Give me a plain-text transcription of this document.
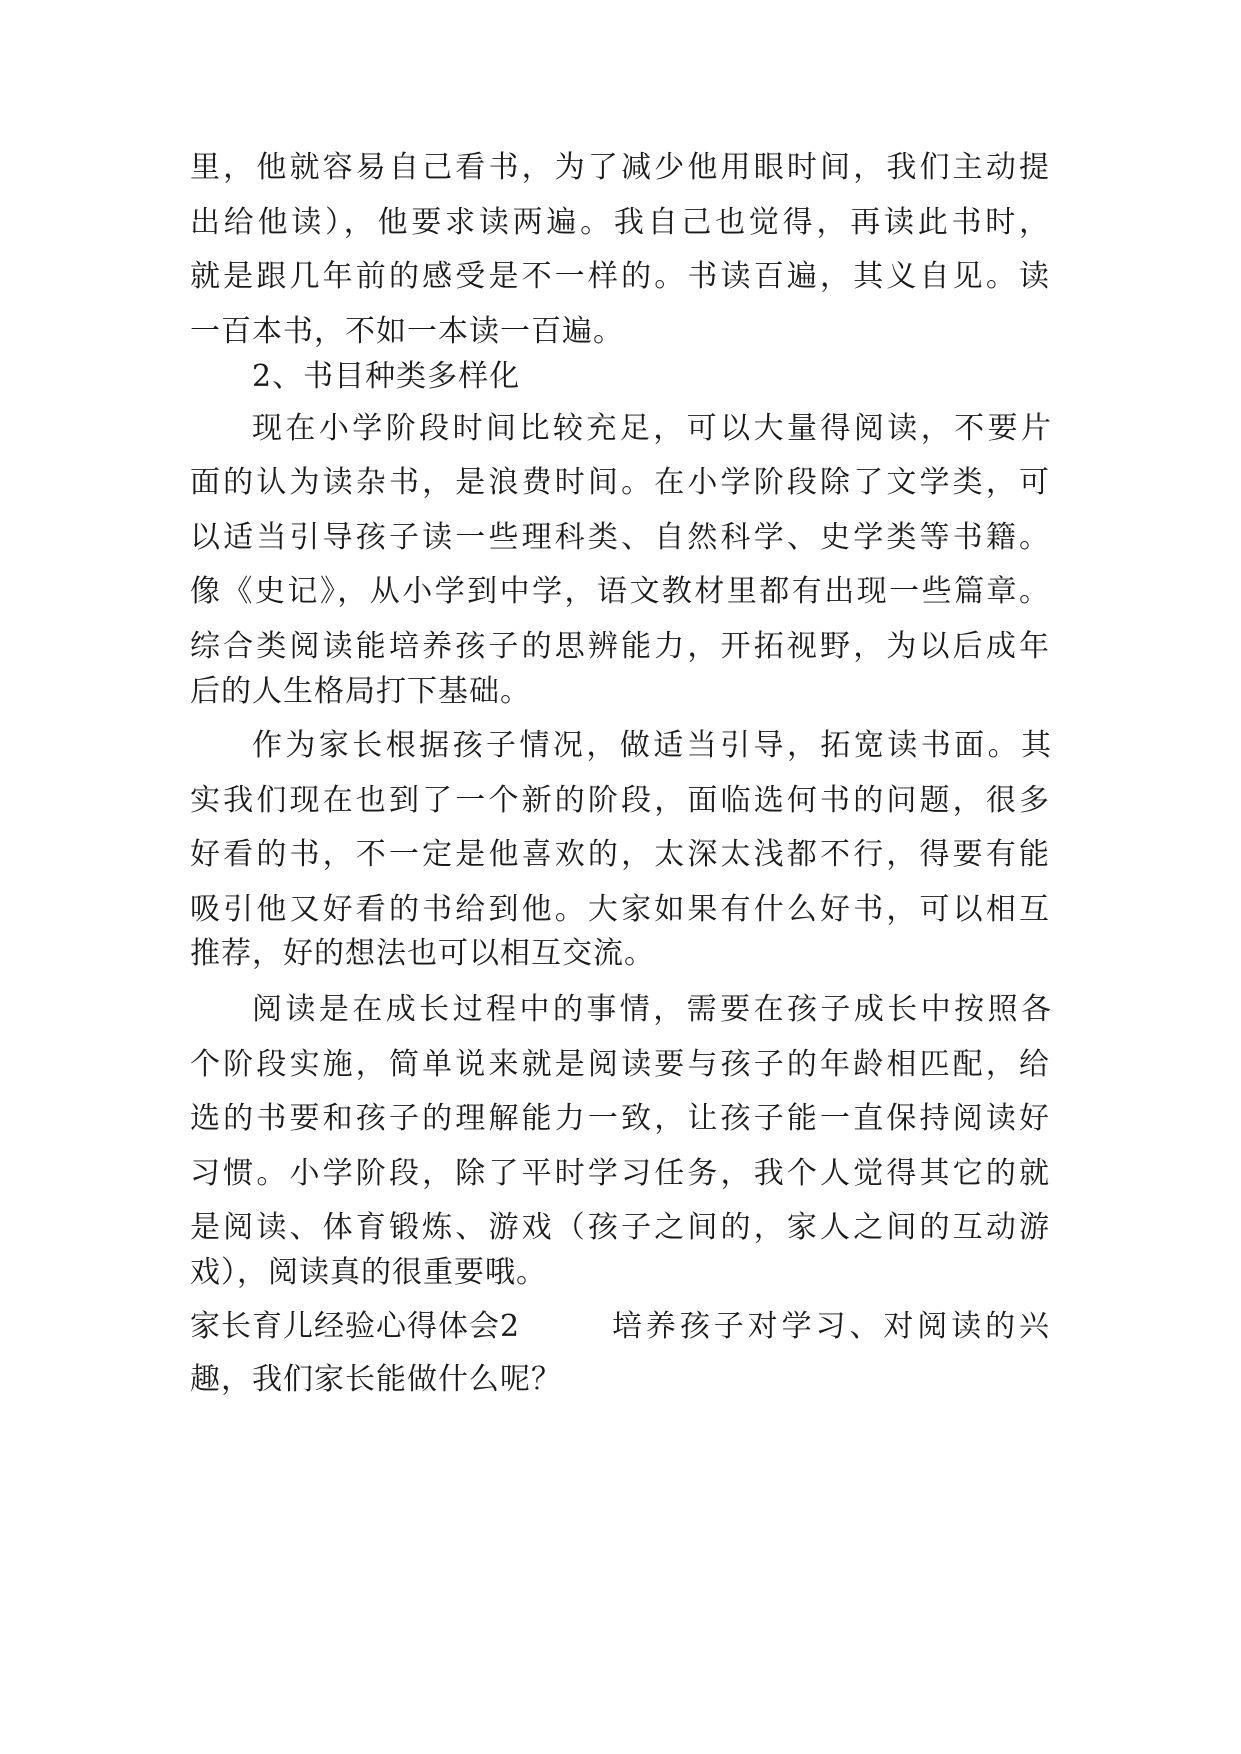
里，他就容易自己看书，为了减少他用眼时间，我们主动提
出给他读），他要求读两遍。我自己也觉得，再读此书时，
就是跟几年前的感受是不一样的。书读百遍，其义自见。读
一百本书，不如一本读一百遍。
2、书目种类多样化
现在小学阶段时间比较充足，可以大量得阅读，不要片
面的认为读杂书，是浪费时间。在小学阶段除了文学类，可
以适当引导孩子读一些理科类、自然科学、史学类等书籍。
像《史记》，从小学到中学，语文教材里都有出现一些篇章。
综合类阅读能培养孩子的思辨能力，开拓视野，为以后成年
后的人生格局打下基础。
作为家长根据孩子情况，做适当引导，拓宽读书面。其
实我们现在也到了一个新的阶段，面临选何书的问题，很多
好看的书，不一定是他喜欢的，太深太浅都不行，得要有能
吸引他又好看的书给到他。大家如果有什么好书，可以相互
推荐，好的想法也可以相互交流。
阅读是在成长过程中的事情，需要在孩子成长中按照各
个阶段实施，简单说来就是阅读要与孩子的年龄相匹配，给
选的书要和孩子的理解能力一致，让孩子能一直保持阅读好
习惯。小学阶段，除了平时学习任务，我个人觉得其它的就
是阅读、体育锻炼、游戏（孩子之间的，家人之间的互动游
戏），阅读真的很重要哦。
家长育儿经验心得体会2	培养孩子对学习、对阅读的兴
趣，我们家长能做什么呢？
